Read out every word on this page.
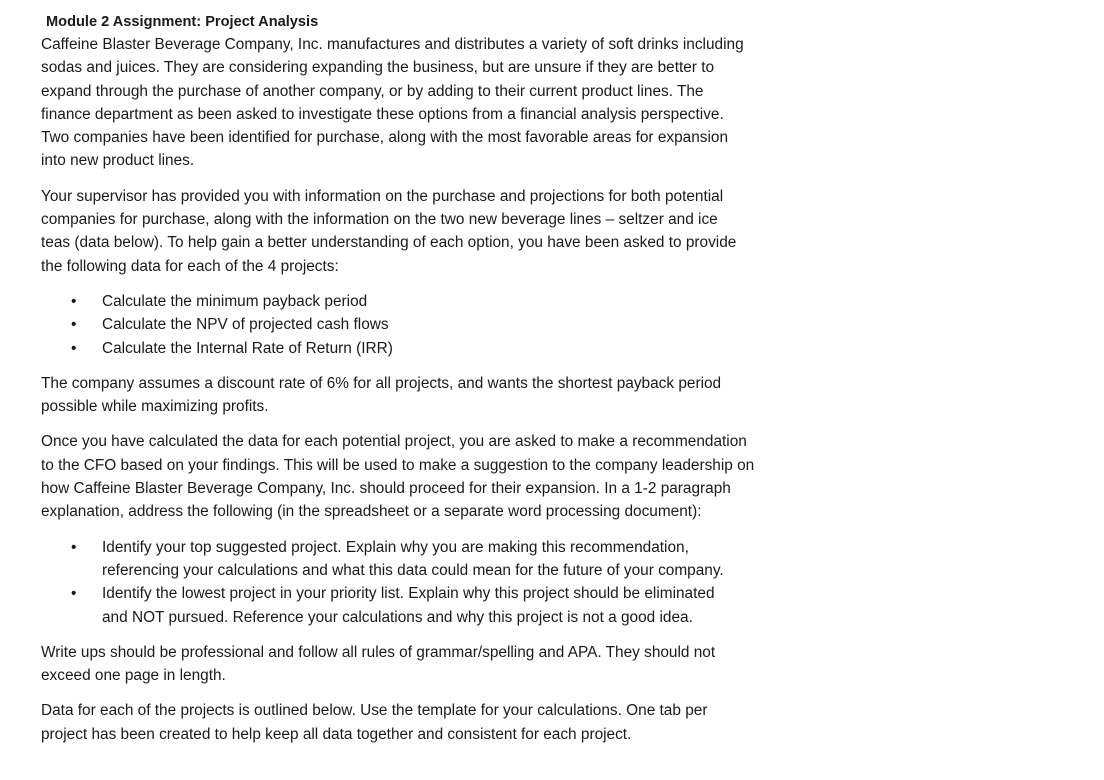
Module 2 Assignment: Project Analysis

Caffeine Blaster Beverage Company, Inc. manufactures and distributes a variety of soft drinks including
sodas and juices. They are considering expanding the business, but are unsure if they are better to
expand through the purchase of another company, or by adding to their current product lines. The
finance department as been asked to investigate these options from a financial analysis perspective.
Two companies have been identified for purchase, along with the most favorable areas for expansion
into new product lines.

Your supervisor has provided you with information on the purchase and projections for both potential
companies for purchase, along with the information on the two new beverage lines – seltzer and ice
teas (data below). To help gain a better understanding of each option, you have been asked to provide
the following data for each of the 4 projects:

• Calculate the minimum payback period
• Calculate the NPV of projected cash flows
• Calculate the Internal Rate of Return (IRR)

The company assumes a discount rate of 6% for all projects, and wants the shortest payback period
possible while maximizing profits.

Once you have calculated the data for each potential project, you are asked to make a recommendation
to the CFO based on your findings. This will be used to make a suggestion to the company leadership on
how Caffeine Blaster Beverage Company, Inc. should proceed for their expansion. In a 1-2 paragraph
explanation, address the following (in the spreadsheet or a separate word processing document):

• Identify your top suggested project. Explain why you are making this recommendation,
referencing your calculations and what this data could mean for the future of your company.
• Identify the lowest project in your priority list. Explain why this project should be eliminated
and NOT pursued. Reference your calculations and why this project is not a good idea.

Write ups should be professional and follow all rules of grammar/spelling and APA. They should not
exceed one page in length.

Data for each of the projects is outlined below. Use the template for your calculations. One tab per
project has been created to help keep all data together and consistent for each project.
